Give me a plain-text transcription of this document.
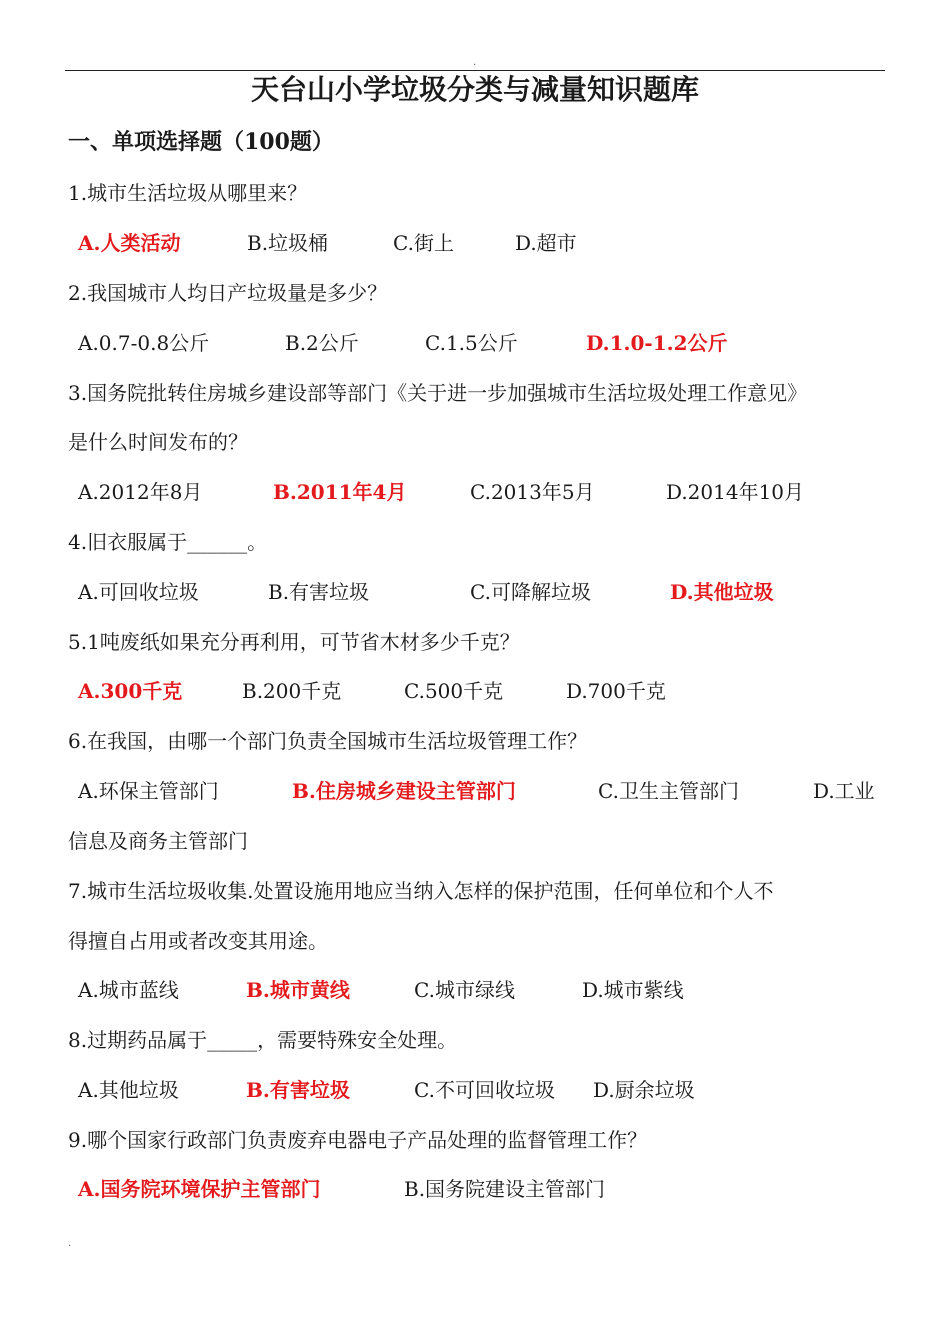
.
天台山小学垃圾分类与减量知识题库
一、单项选择题（100题）
1.城市生活垃圾从哪里来？
A.人类活动	B.垃圾桶	C.街上	D.超市
2.我国城市人均日产垃圾量是多少？
A.0.7-0.8公斤	B.2公斤	C.1.5公斤	D.1.0-1.2公斤
3.国务院批转住房城乡建设部等部门《关于进一步加强城市生活垃圾处理工作意见》
是什么时间发布的？
A.2012年8月	B.2011年4月	C.2013年5月	D.2014年10月
4.旧衣服属于______。
A.可回收垃圾	B.有害垃圾	C.可降解垃圾	D.其他垃圾
5.1吨废纸如果充分再利用，可节省木材多少千克？
A.300千克	B.200千克	C.500千克	D.700千克
6.在我国，由哪一个部门负责全国城市生活垃圾管理工作？
A.环保主管部门	B.住房城乡建设主管部门	C.卫生主管部门	D.工业
信息及商务主管部门
7.城市生活垃圾收集.处置设施用地应当纳入怎样的保护范围，任何单位和个人不
得擅自占用或者改变其用途。
A.城市蓝线	B.城市黄线	C.城市绿线	D.城市紫线
8.过期药品属于_____，需要特殊安全处理。
A.其他垃圾	B.有害垃圾	C.不可回收垃圾 D.厨余垃圾
9.哪个国家行政部门负责废弃电器电子产品处理的监督管理工作？
A.国务院环境保护主管部门	B.国务院建设主管部门
.
